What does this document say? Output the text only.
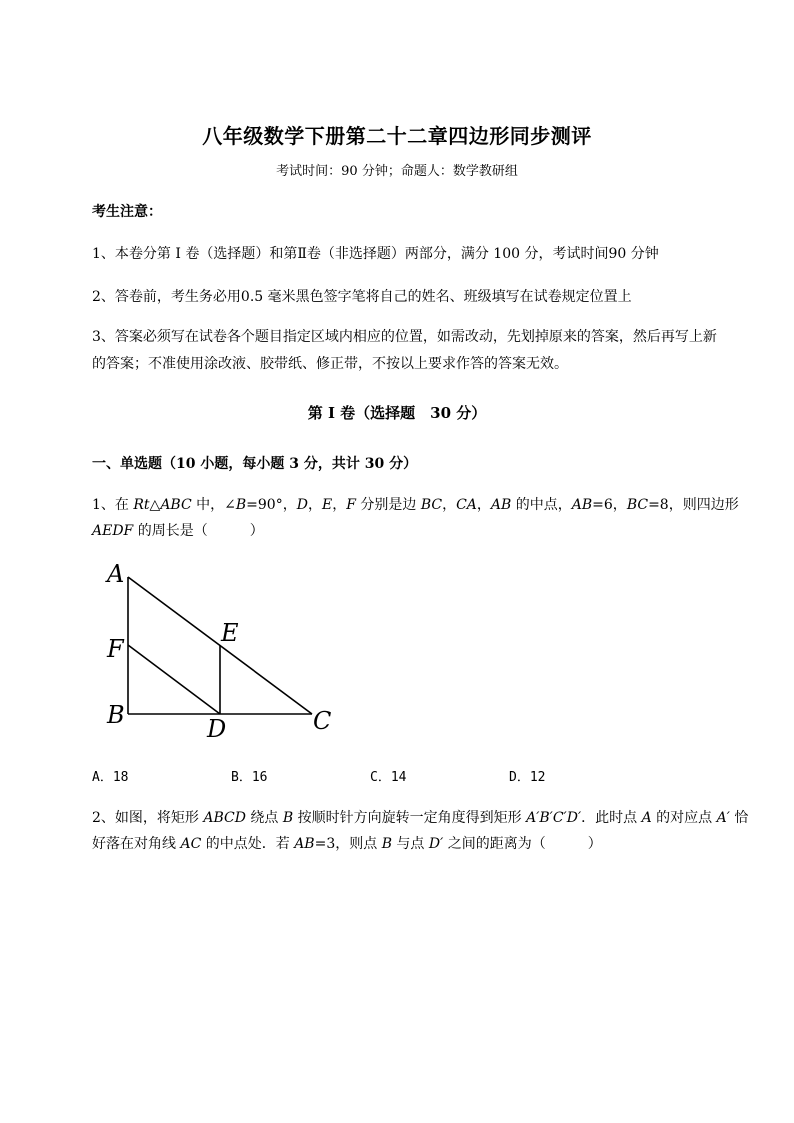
八年级数学下册第二十二章四边形同步测评
考试时间：90 分钟；命题人：数学教研组
考生注意：
1、本卷分第 I 卷（选择题）和第Ⅱ卷（非选择题）两部分，满分 100 分，考试时间90 分钟
2、答卷前，考生务必用0.5 毫米黑色签字笔将自己的姓名、班级填写在试卷规定位置上
3、答案必须写在试卷各个题目指定区域内相应的位置，如需改动，先划掉原来的答案，然后再写上新
的答案；不准使用涂改液、胶带纸、修正带，不按以上要求作答的答案无效。
第 I 卷（选择题　30 分）
一、单选题（10 小题，每小题 3 分，共计 30 分）
1、在 Rt△ABC 中，∠B=90°，D，E，F 分别是边 BC，CA，AB 的中点，AB=6，BC=8，则四边形
AEDF 的周长是（　　　）
A
F
B
E
D	C
A．18	B．16	C．14	D．12
2、如图，将矩形 ABCD 绕点 B 按顺时针方向旋转一定角度得到矩形 A′B′C′D′．此时点 A 的对应点 A′ 恰
好落在对角线 AC 的中点处．若 AB=3，则点 B 与点 D′ 之间的距离为（　　　）
